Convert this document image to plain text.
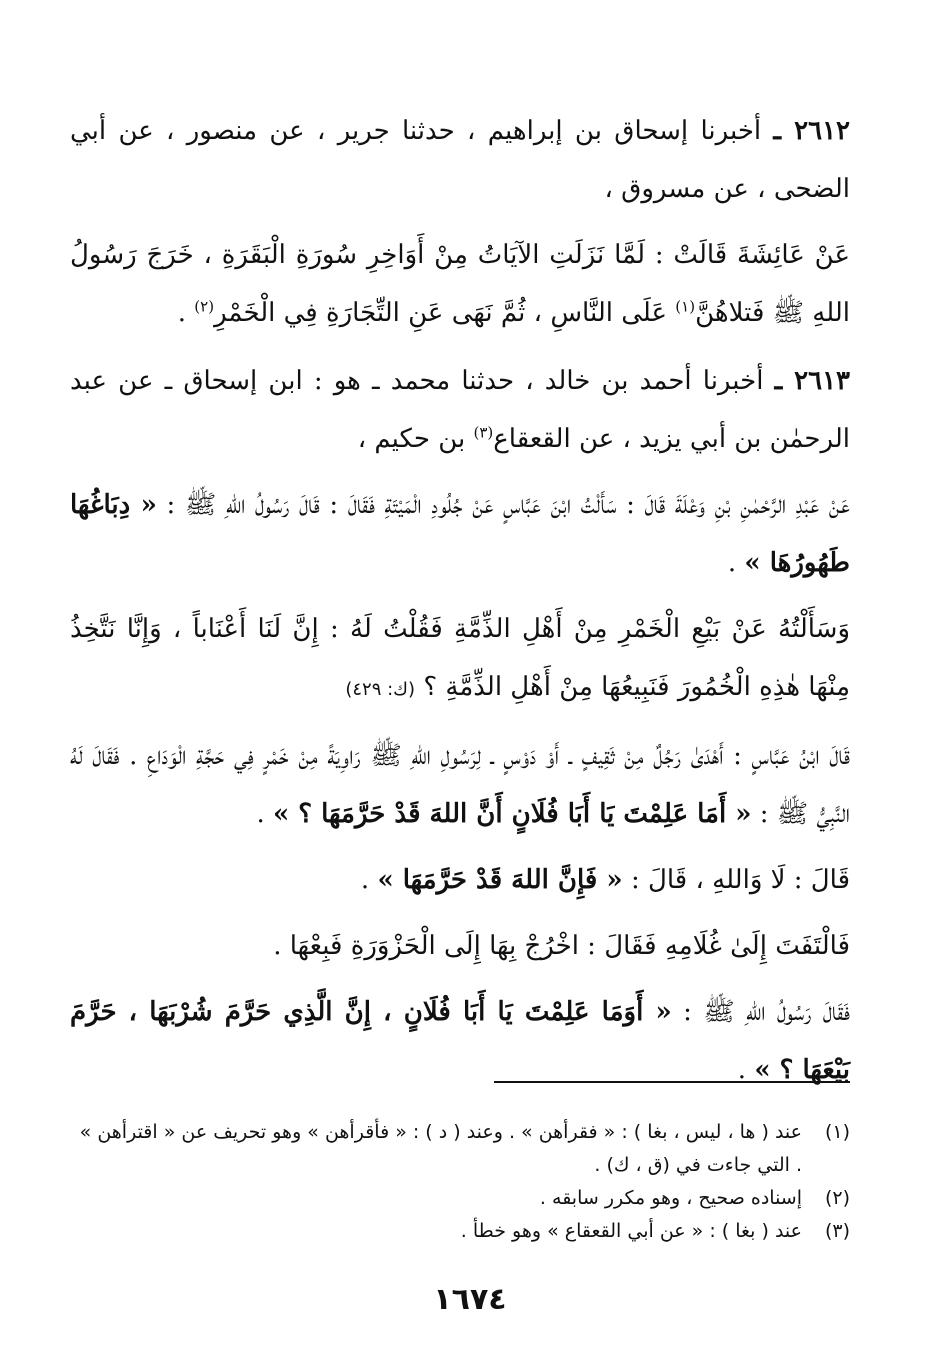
٢٦١٢ ـ أخبرنا إسحاق بن إبراهيم ، حدثنا جرير ، عن منصور ، عن أبي الضحى ، عن مسروق ،

عَنْ عَائِشَةَ قَالَتْ : لَمَّا نَزَلَتِ الآيَاتُ مِنْ أَوَاخِرِ سُورَةِ الْبَقَرَةِ ، خَرَجَ رَسُولُ اللهِ ﷺ فَتلاهُنَّ$^{(١)}$ عَلَى النَّاسِ ، ثُمَّ نَهَى عَنِ التِّجَارَةِ فِي الْخَمْرِ$^{(٢)}$ .

٢٦١٣ ـ أخبرنا أحمد بن خالد ، حدثنا محمد ـ هو : ابن إسحاق ـ عن عبد الرحمٰن بن أبي يزيد ، عن القعقاع$^{(٣)}$ بن حكيم ،

عَنْ عَبْدِ الرَّحْمٰنِ بْنِ وَعْلَةَ قَالَ : سَأَلْتُ ابْنَ عَبَّاسٍ عَنْ جُلُودِ الْمَيْتَةِ فَقَالَ : قَالَ رَسُولُ اللهِ ﷺ : « دِبَاغُهَا طَهُورُهَا » .

وَسَأَلْتُهُ عَنْ بَيْعِ الْخَمْرِ مِنْ أَهْلِ الذِّمَّةِ فَقُلْتُ لَهُ : إِنَّ لَنَا أَعْنَاباً ، وَإِنَّا نَتَّخِذُ مِنْهَا هٰذِهِ الْخُمُورَ فَنَبِيعُهَا مِنْ أَهْلِ الذِّمَّةِ ؟ (ك: ٤٢٩)

قَالَ ابْنُ عَبَّاسٍ : أَهْدَىٰ رَجُلٌ مِنْ ثَقِيفٍ ـ أَوْ دَوْسٍ ـ لِرَسُولِ اللهِ ﷺ رَاوِيَةً مِنْ خَمْرٍ فِي حَجَّةِ الْوَدَاعِ . فَقَالَ لَهُ النَّبِيُّ ﷺ : « أَمَا عَلِمْتَ يَا أَبَا فُلَانٍ أَنَّ اللهَ قَدْ حَرَّمَهَا ؟ » .

قَالَ : لَا وَاللهِ ، قَالَ : « فَإِنَّ اللهَ قَدْ حَرَّمَهَا » .

فَالْتَفَتَ إِلَىٰ غُلَامِهِ فَقَالَ : اخْرُجْ بِهَا إِلَى الْحَزْوَرَةِ فَبِعْهَا .

فَقَالَ رَسُولُ اللهِ ﷺ : « أَوَمَا عَلِمْتَ يَا أَبَا فُلَانٍ ، إِنَّ الَّذِي حَرَّمَ شُرْبَهَا ، حَرَّمَ بَيْعَهَا ؟ » .

(١)
عند ( ها ، ليس ، بغا ) : « فقرأهن » . وعند ( د ) : « فأقرأهن » وهو تحريف عن « اقترأهن » . التي جاءت في (ق ، ك) .

(٢)
إسناده صحيح ، وهو مكرر سابقه .

(٣)
عند ( بغا ) : « عن أبي القعقاع » وهو خطأ .

١٦٧٤
